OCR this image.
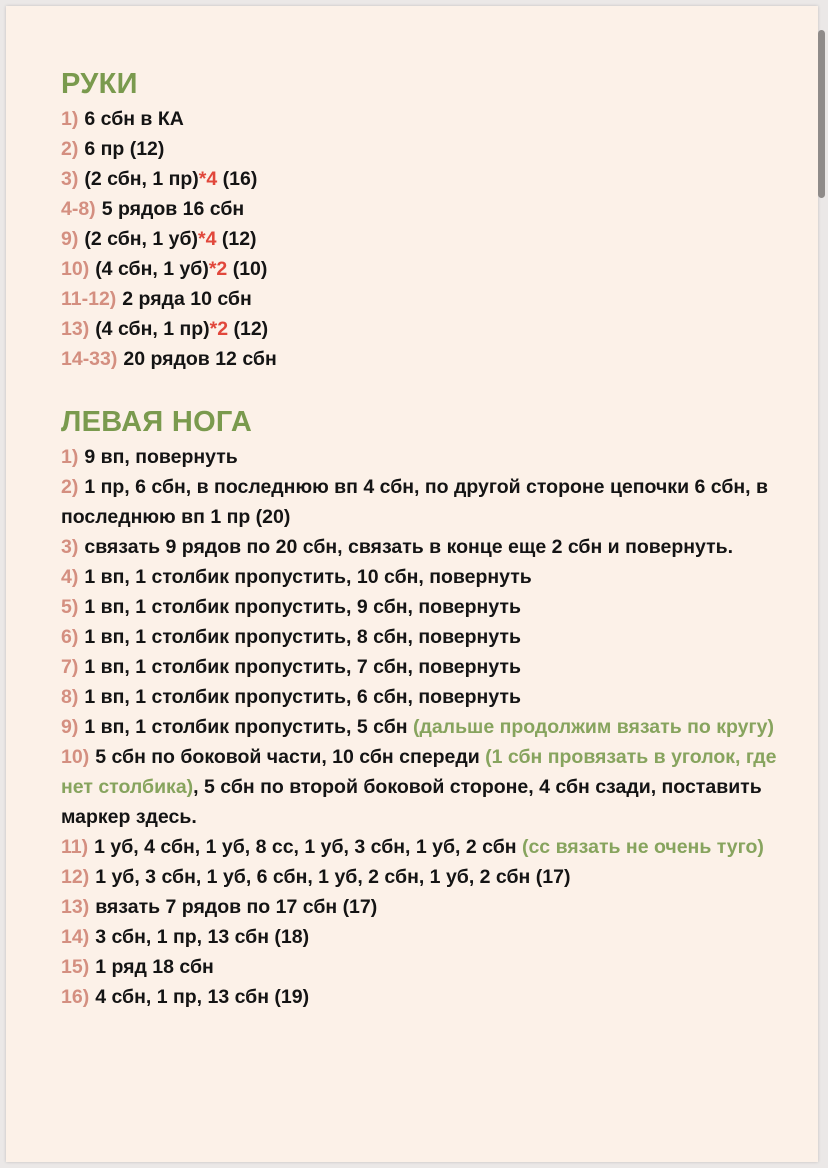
РУКИ
1) 6 сбн в КА
2) 6 пр (12)
3) (2 сбн, 1 пр)*4 (16)
4-8) 5 рядов 16 сбн
9) (2 сбн, 1 уб)*4 (12)
10) (4 сбн, 1 уб)*2 (10)
11-12) 2 ряда 10 сбн
13) (4 сбн, 1 пр)*2 (12)
14-33) 20 рядов 12 сбн
ЛЕВАЯ НОГА
1) 9 вп, повернуть
2) 1 пр, 6 сбн, в последнюю вп 4 сбн, по другой стороне цепочки 6 сбн, в последнюю вп 1 пр (20)
3) связать 9 рядов по 20 сбн, связать в конце еще 2 сбн и повернуть.
4) 1 вп, 1 столбик пропустить, 10 сбн, повернуть
5) 1 вп, 1 столбик пропустить, 9 сбн, повернуть
6) 1 вп, 1 столбик пропустить, 8 сбн, повернуть
7) 1 вп, 1 столбик пропустить, 7 сбн, повернуть
8) 1 вп, 1 столбик пропустить, 6 сбн, повернуть
9) 1 вп, 1 столбик пропустить, 5 сбн (дальше продолжим вязать по кругу)
10) 5 сбн по боковой части, 10 сбн спереди (1 сбн провязать в уголок, где нет столбика), 5 сбн по второй боковой стороне, 4 сбн сзади, поставить маркер здесь.
11) 1 уб, 4 сбн, 1 уб, 8 сс, 1 уб, 3 сбн, 1 уб, 2 сбн (сс вязать не очень туго)
12) 1 уб, 3 сбн, 1 уб, 6 сбн, 1 уб, 2 сбн, 1 уб, 2 сбн (17)
13) вязать 7 рядов по 17 сбн (17)
14) 3 сбн, 1 пр, 13 сбн (18)
15) 1 ряд 18 сбн
16) 4 сбн, 1 пр, 13 сбн (19)
